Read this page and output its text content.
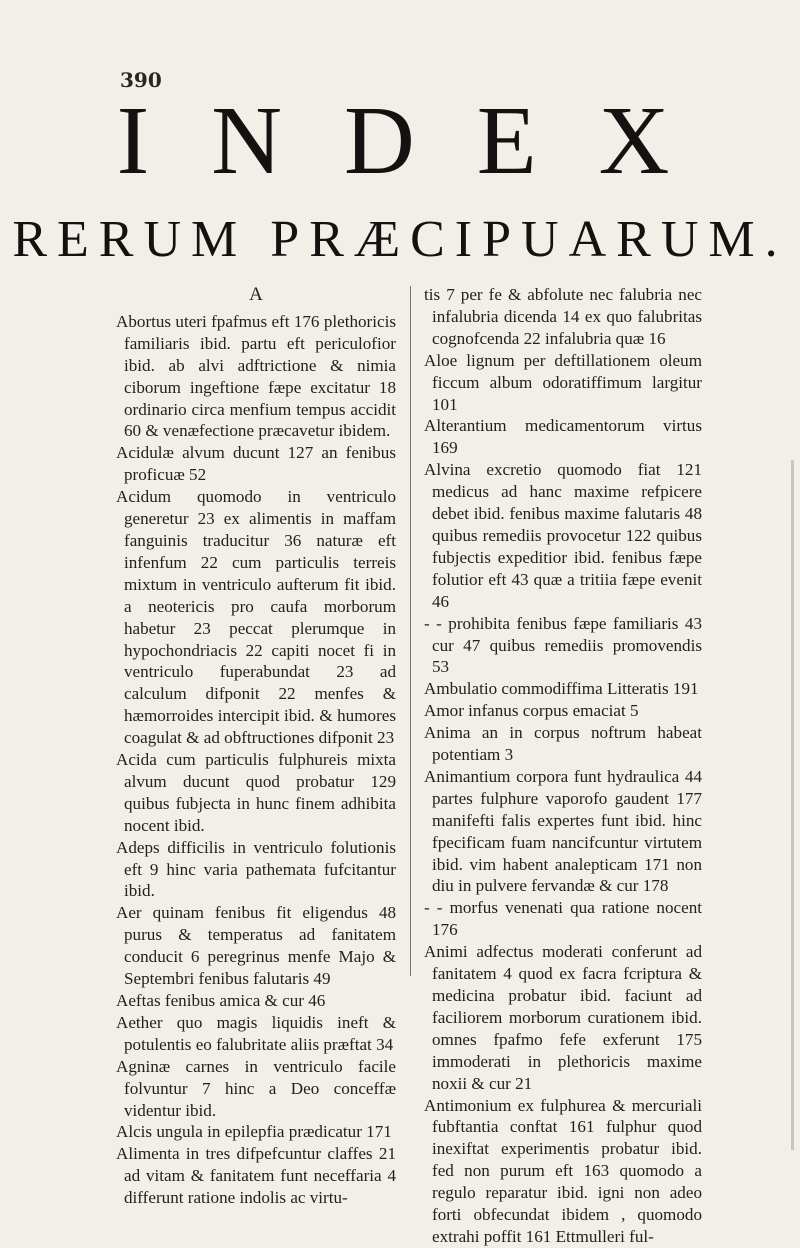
390
INDEX
RERUM PRÆCIPUARUM.
A
Abortus uteri fpafmus eft 176 plethoricis familiaris ibid. partu eft periculofior ibid. ab alvi adftrictione & nimia ciborum ingeftione fæpe excitatur 18 ordinario circa menfium tempus accidit 60 & venæfectione præcavetur ibidem.
Acidulæ alvum ducunt 127 an fenibus proficuæ 52
Acidum quomodo in ventriculo generetur 23 ex alimentis in maffam fanguinis traducitur 36 naturæ eft infenfum 22 cum particulis terreis mixtum in ventriculo aufterum fit ibid. a neotericis pro caufa morborum habetur 23 peccat plerumque in hypochondriacis 22 capiti nocet fi in ventriculo fuperabundat 23 ad calculum difponit 22 menfes & hæmorroides intercipit ibid. & humores coagulat & ad obftructiones difponit 23
Acida cum particulis fulphureis mixta alvum ducunt quod probatur 129 quibus fubjecta in hunc finem adhibita nocent ibid.
Adeps difficilis in ventriculo folutionis eft 9 hinc varia pathemata fufcitantur ibid.
Aer quinam fenibus fit eligendus 48 purus & temperatus ad fanitatem conducit 6 peregrinus menfe Majo & Septembri fenibus falutaris 49
Aeftas fenibus amica & cur 46
Aether quo magis liquidis ineft & potulentis eo falubritate aliis præftat 34
Agninæ carnes in ventriculo facile folvuntur 7 hinc a Deo conceffæ videntur ibid.
Alcis ungula in epilepfia prædicatur 171
Alimenta in tres difpefcuntur claffes 21 ad vitam & fanitatem funt neceffaria 4 differunt ratione indolis ac virtu-
tis 7 per fe & abfolute nec falubria nec infalubria dicenda 14 ex quo falubritas cognofcenda 22 infalubria quæ 16
Aloe lignum per deftillationem oleum ficcum album odoratiffimum largitur 101
Alterantium medicamentorum virtus 169
Alvina excretio quomodo fiat 121 medicus ad hanc maxime refpicere debet ibid. fenibus maxime falutaris 48 quibus remediis provocetur 122 quibus fubjectis expeditior ibid. fenibus fæpe folutior eft 43 quæ a tritiia fæpe evenit 46
- - prohibita fenibus fæpe familiaris 43 cur 47 quibus remediis promovendis 53
Ambulatio commodiffima Litteratis 191
Amor infanus corpus emaciat 5
Anima an in corpus noftrum habeat potentiam 3
Animantium corpora funt hydraulica 44 partes fulphure vaporofo gaudent 177 manifefti falis expertes funt ibid. hinc fpecificam fuam nancifcuntur virtutem ibid. vim habent analepticam 171 non diu in pulvere fervandæ & cur 178
- - morfus venenati qua ratione nocent 176
Animi adfectus moderati conferunt ad fanitatem 4 quod ex facra fcriptura & medicina probatur ibid. faciunt ad faciliorem morborum curationem ibid. omnes fpafmo fefe exferunt 175 immoderati in plethoricis maxime noxii & cur 21
Antimonium ex fulphurea & mercuriali fubftantia conftat 161 fulphur quod inexiftat experimentis probatur ibid. fed non purum eft 163 quomodo a regulo reparatur ibid. igni non adeo forti obfecundat ibidem , quomodo extrahi poffit 161 Ettmulleri ful-
